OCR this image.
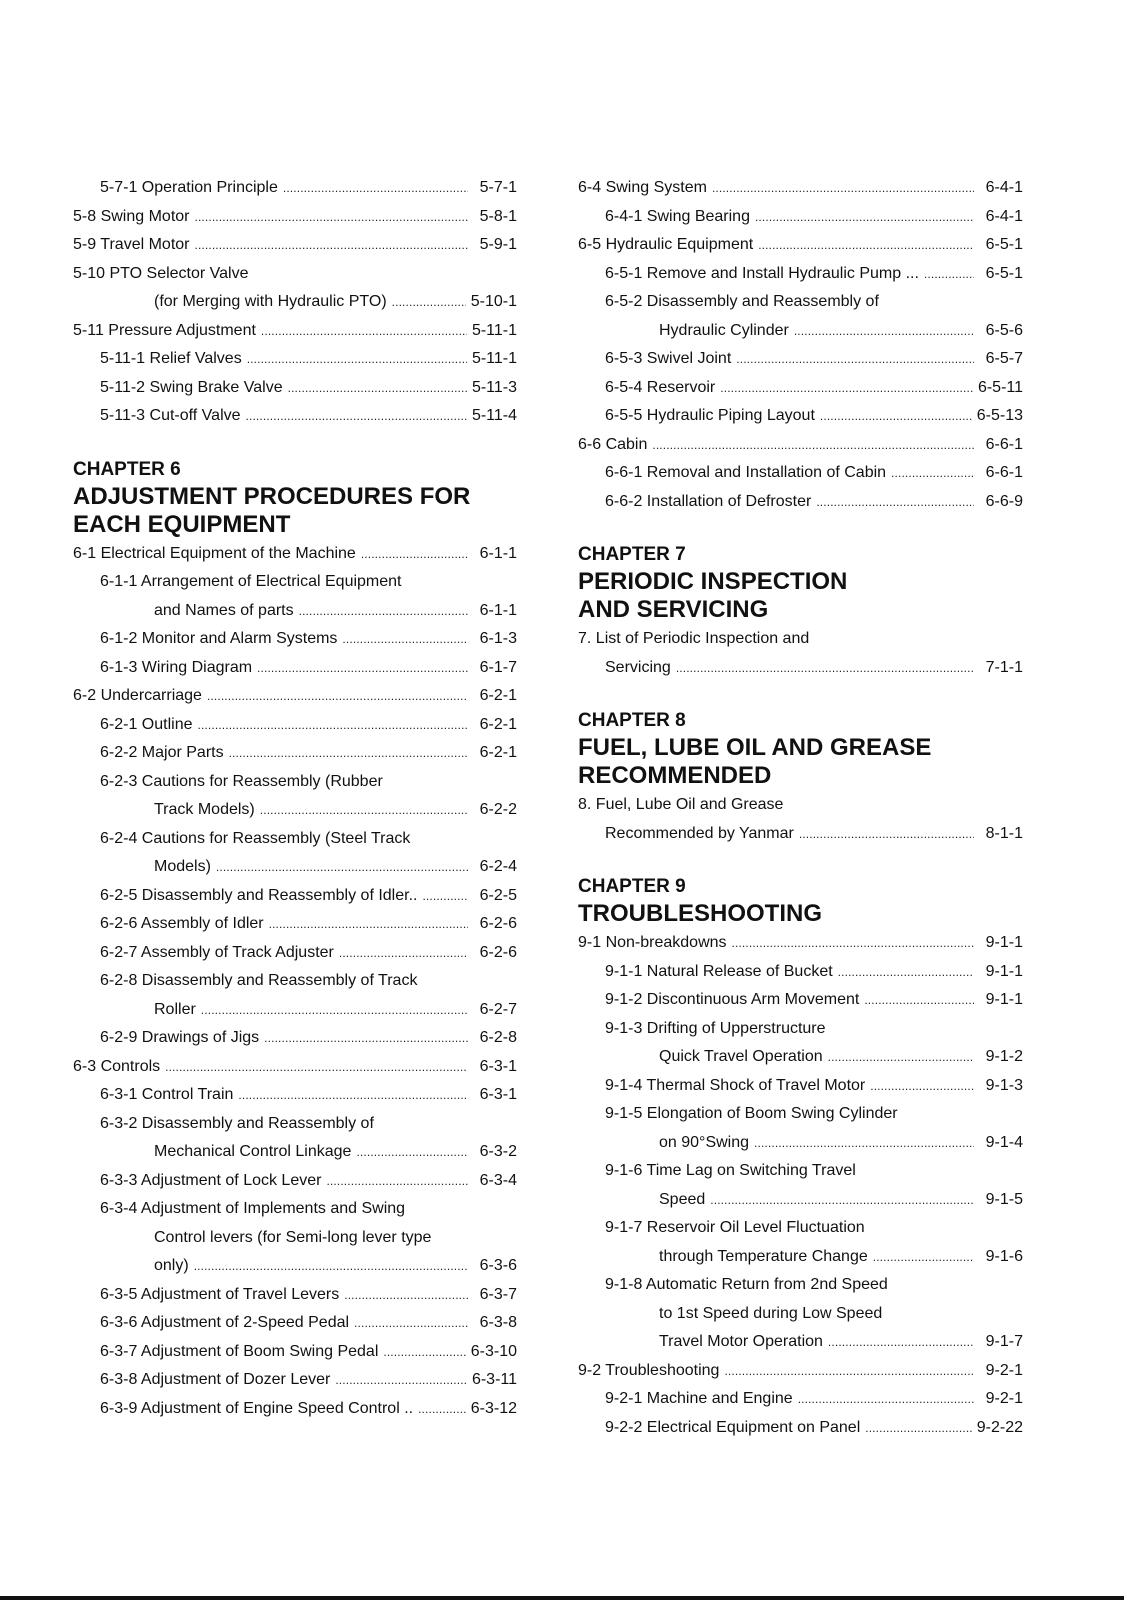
5-7-1 Operation Principle . . .	5-7-1
5-8 Swing Motor . . .	5-8-1
5-9 Travel Motor . . .	5-9-1
5-10 PTO Selector Valve
(for Merging with Hydraulic PTO) . . .	5-10-1
5-11 Pressure Adjustment . . .	5-11-1
5-11-1 Relief Valves . . .	5-11-1
5-11-2 Swing Brake Valve . . .	5-11-3
5-11-3 Cut-off Valve . . .	5-11-4
CHAPTER 6
ADJUSTMENT PROCEDURES FOR
EACH EQUIPMENT
6-1 Electrical Equipment of the Machine . . .	6-1-1
6-1-1 Arrangement of Electrical Equipment
and Names of parts . . .	6-1-1
6-1-2 Monitor and Alarm Systems . . .	6-1-3
6-1-3 Wiring Diagram . . .	6-1-7
6-2 Undercarriage . . .	6-2-1
6-2-1 Outline . . .	6-2-1
6-2-2 Major Parts . . .	6-2-1
6-2-3 Cautions for Reassembly (Rubber
Track Models) . . .	6-2-2
6-2-4 Cautions for Reassembly (Steel Track
Models) . . .	6-2-4
6-2-5 Disassembly and Reassembly of Idler.. . . .	6-2-5
6-2-6 Assembly of Idler . . .	6-2-6
6-2-7 Assembly of Track Adjuster . . .	6-2-6
6-2-8 Disassembly and Reassembly of Track
Roller . . .	6-2-7
6-2-9 Drawings of Jigs . . .	6-2-8
6-3 Controls . . .	6-3-1
6-3-1 Control Train . . .	6-3-1
6-3-2 Disassembly and Reassembly of
Mechanical Control Linkage . . .	6-3-2
6-3-3 Adjustment of Lock Lever . . .	6-3-4
6-3-4 Adjustment of Implements and Swing
Control levers (for Semi-long lever type
only) . . .	6-3-6
6-3-5 Adjustment of Travel Levers . . .	6-3-7
6-3-6 Adjustment of 2-Speed Pedal . . .	6-3-8
6-3-7 Adjustment of Boom Swing Pedal . . .	6-3-10
6-3-8 Adjustment of Dozer Lever . . .	6-3-11
6-3-9 Adjustment of Engine Speed Control .. . . .	6-3-12
6-4 Swing System . . .	6-4-1
6-4-1 Swing Bearing . . .	6-4-1
6-5 Hydraulic Equipment . . .	6-5-1
6-5-1 Remove and Install Hydraulic Pump ... . . .	6-5-1
6-5-2 Disassembly and Reassembly of
Hydraulic Cylinder . . .	6-5-6
6-5-3 Swivel Joint . . .	6-5-7
6-5-4 Reservoir . . .	6-5-11
6-5-5 Hydraulic Piping Layout . . .	6-5-13
6-6 Cabin . . .	6-6-1
6-6-1 Removal and Installation of Cabin . . .	6-6-1
6-6-2 Installation of Defroster . . .	6-6-9
CHAPTER 7
PERIODIC INSPECTION
AND SERVICING
7. List of Periodic Inspection and
Servicing . . .	7-1-1
CHAPTER 8
FUEL, LUBE OIL AND GREASE
RECOMMENDED
8. Fuel, Lube Oil and Grease
Recommended by Yanmar . . .	8-1-1
CHAPTER 9
TROUBLESHOOTING
9-1 Non-breakdowns . . .	9-1-1
9-1-1 Natural Release of Bucket . . .	9-1-1
9-1-2 Discontinuous Arm Movement . . .	9-1-1
9-1-3 Drifting of Upperstructure
Quick Travel Operation . . .	9-1-2
9-1-4 Thermal Shock of Travel Motor . . .	9-1-3
9-1-5 Elongation of Boom Swing Cylinder
on 90°Swing . . .	9-1-4
9-1-6 Time Lag on Switching Travel
Speed . . .	9-1-5
9-1-7 Reservoir Oil Level Fluctuation
through Temperature Change . . .	9-1-6
9-1-8 Automatic Return from 2nd Speed
to 1st Speed during Low Speed
Travel Motor Operation . . .	9-1-7
9-2 Troubleshooting . . .	9-2-1
9-2-1 Machine and Engine . . .	9-2-1
9-2-2 Electrical Equipment on Panel . . .	9-2-22
